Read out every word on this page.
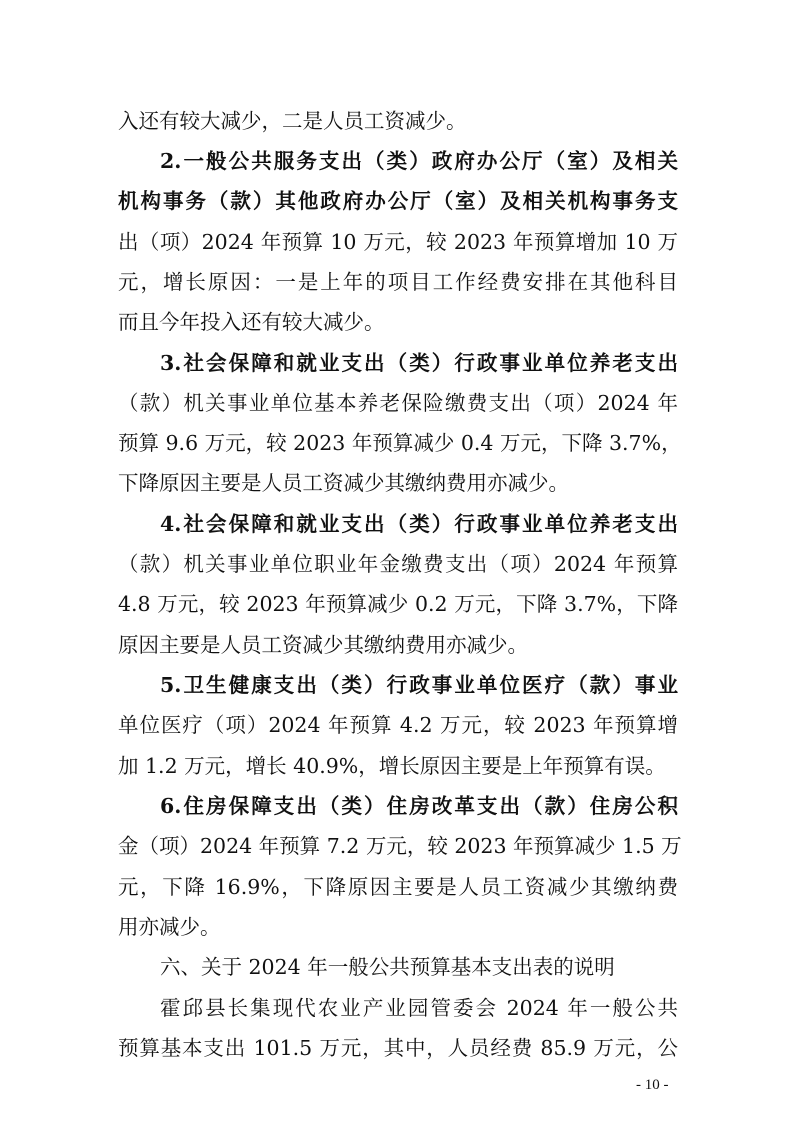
入还有较大减少，二是人员工资减少。
2.一般公共服务支出（类）政府办公厅（室）及相关
机构事务（款）其他政府办公厅（室）及相关机构事务支
出（项）2024 年预算 10 万元，较 2023 年预算增加 10 万
元，增长原因：一是上年的项目工作经费安排在其他科目
而且今年投入还有较大减少。
3.社会保障和就业支出（类）行政事业单位养老支出
（款）机关事业单位基本养老保险缴费支出（项）2024 年
预算 9.6 万元，较 2023 年预算减少 0.4 万元，下降 3.7%，
下降原因主要是人员工资减少其缴纳费用亦减少。
4.社会保障和就业支出（类）行政事业单位养老支出
（款）机关事业单位职业年金缴费支出（项）2024 年预算
4.8 万元，较 2023 年预算减少 0.2 万元，下降 3.7%，下降
原因主要是人员工资减少其缴纳费用亦减少。
5.卫生健康支出（类）行政事业单位医疗（款）事业
单位医疗（项）2024 年预算 4.2 万元，较 2023 年预算增
加 1.2 万元，增长 40.9%，增长原因主要是上年预算有误。
6.住房保障支出（类）住房改革支出（款）住房公积
金（项）2024 年预算 7.2 万元，较 2023 年预算减少 1.5 万
元，下降 16.9%，下降原因主要是人员工资减少其缴纳费
用亦减少。
六、关于 2024 年一般公共预算基本支出表的说明
霍邱县长集现代农业产业园管委会 2024 年一般公共
预算基本支出 101.5 万元，其中，人员经费 85.9 万元，公
- 10 -
